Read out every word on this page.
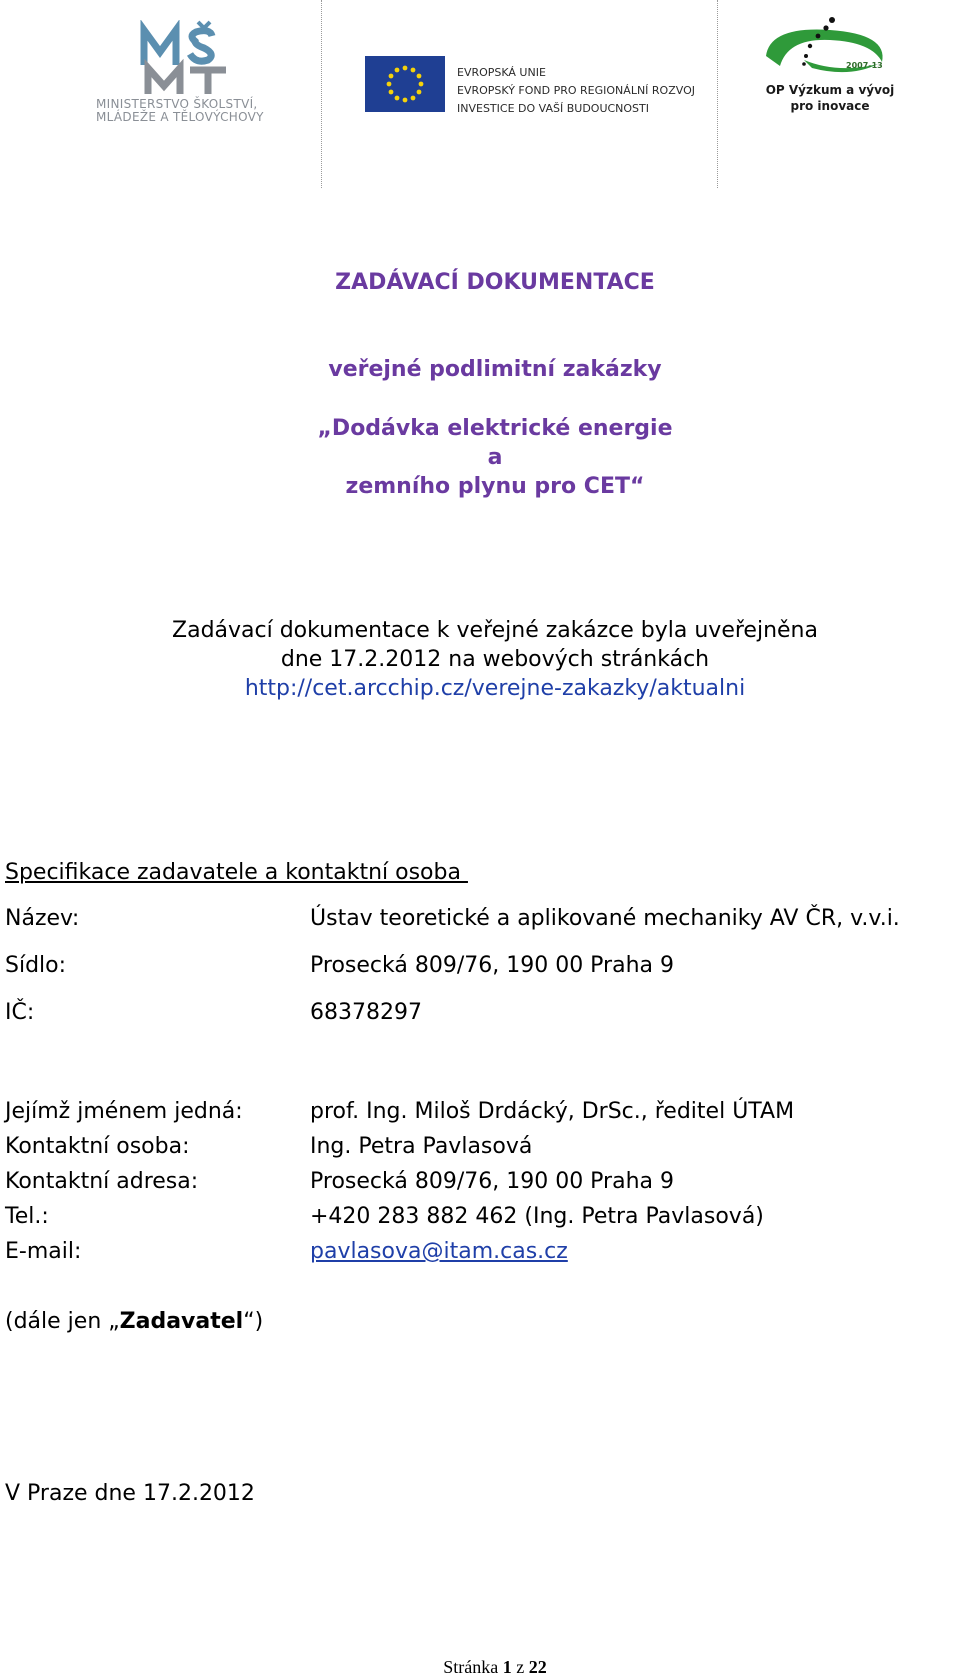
MINISTERSTVO ŠKOLSTVÍ,
MLÁDEŽE A TĚLOVÝCHOVY
EVROPSKÁ UNIE
EVROPSKÝ FOND PRO REGIONÁLNÍ ROZVOJ
INVESTICE DO VAŠÍ BUDOUCNOSTI
2007-13
OP Výzkum a vývoj
pro inovace
ZADÁVACÍ DOKUMENTACE
veřejné podlimitní zakázky
„Dodávka elektrické energie
a
zemního plynu pro CET“
Zadávací dokumentace k veřejné zakázce byla uveřejněna
dne 17.2.2012 na webových stránkách
http://cet.arcchip.cz/verejne-zakazky/aktualni
Specifikace zadavatele a kontaktní osoba
Název:	Ústav teoretické a aplikované mechaniky AV ČR, v.v.i.
Sídlo:	Prosecká 809/76, 190 00 Praha 9
IČ:	68378297
Jejímž jménem jedná:	prof. Ing. Miloš Drdácký, DrSc., ředitel ÚTAM
Kontaktní osoba:	Ing. Petra Pavlasová
Kontaktní adresa:	Prosecká 809/76, 190 00 Praha 9
Tel.:	+420 283 882 462 (Ing. Petra Pavlasová)
E-mail:	pavlasova@itam.cas.cz
(dále jen „Zadavatel“)
V Praze dne 17.2.2012
Stránka 1 z 22
